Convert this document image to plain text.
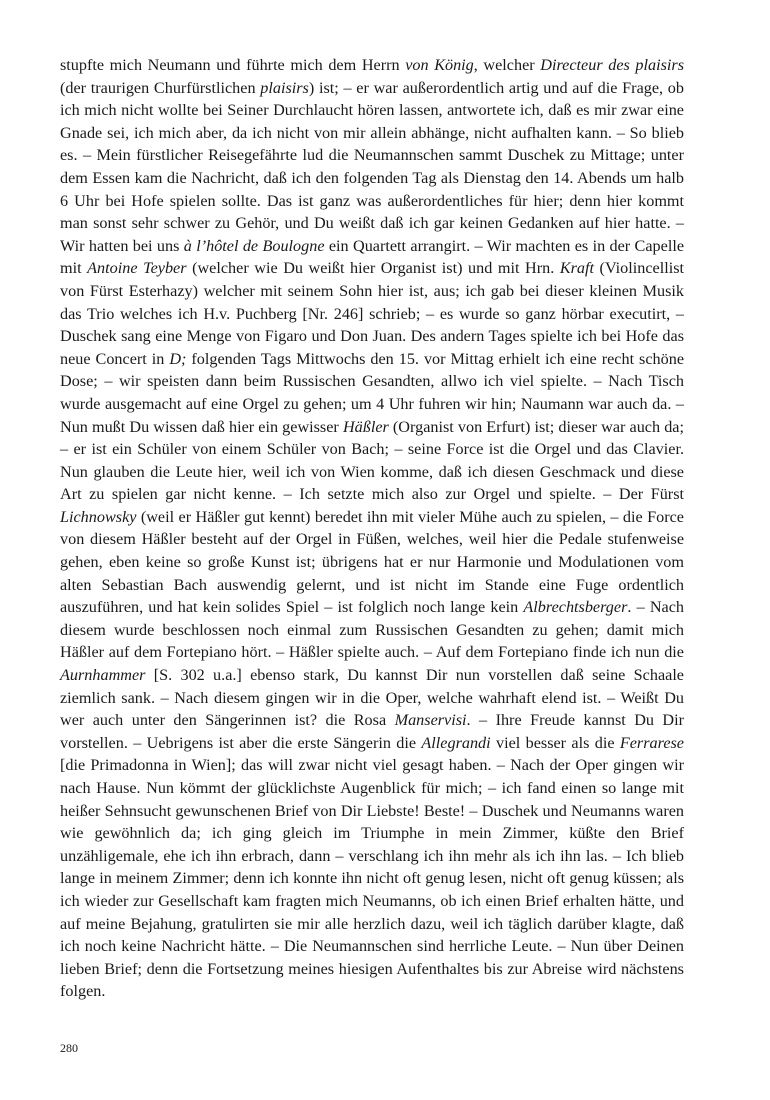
stupfte mich Neumann und führte mich dem Herrn von König, welcher Directeur des plaisirs (der traurigen Churfürstlichen plaisirs) ist; – er war außerordentlich artig und auf die Frage, ob ich mich nicht wollte bei Seiner Durchlaucht hören lassen, antwortete ich, daß es mir zwar eine Gnade sei, ich mich aber, da ich nicht von mir allein abhänge, nicht aufhalten kann. – So blieb es. – Mein fürstlicher Reisegefährte lud die Neumannschen sammt Duschek zu Mittage; unter dem Essen kam die Nachricht, daß ich den folgenden Tag als Dienstag den 14. Abends um halb 6 Uhr bei Hofe spielen sollte. Das ist ganz was außerordentliches für hier; denn hier kommt man sonst sehr schwer zu Gehör, und Du weißt daß ich gar keinen Gedanken auf hier hatte. – Wir hatten bei uns à l’hôtel de Boulogne ein Quartett arrangirt. – Wir machten es in der Capelle mit Antoine Teyber (welcher wie Du weißt hier Organist ist) und mit Hrn. Kraft (Violincellist von Fürst Esterhazy) welcher mit seinem Sohn hier ist, aus; ich gab bei dieser kleinen Musik das Trio welches ich H.v. Puchberg [Nr. 246] schrieb; – es wurde so ganz hörbar executirt, – Duschek sang eine Menge von Figaro und Don Juan. Des andern Tages spielte ich bei Hofe das neue Concert in D; folgenden Tags Mittwochs den 15. vor Mittag erhielt ich eine recht schöne Dose; – wir speisten dann beim Russischen Gesandten, allwo ich viel spielte. – Nach Tisch wurde ausgemacht auf eine Orgel zu gehen; um 4 Uhr fuhren wir hin; Naumann war auch da. – Nun mußt Du wissen daß hier ein gewisser Häßler (Organist von Erfurt) ist; dieser war auch da; – er ist ein Schüler von einem Schüler von Bach; – seine Force ist die Orgel und das Clavier. Nun glauben die Leute hier, weil ich von Wien komme, daß ich diesen Geschmack und diese Art zu spielen gar nicht kenne. – Ich setzte mich also zur Orgel und spielte. – Der Fürst Lichnowsky (weil er Häßler gut kennt) beredet ihn mit vieler Mühe auch zu spielen, – die Force von diesem Häßler besteht auf der Orgel in Füßen, welches, weil hier die Pedale stufenweise gehen, eben keine so große Kunst ist; übrigens hat er nur Harmonie und Modulationen vom alten Sebastian Bach auswendig gelernt, und ist nicht im Stande eine Fuge ordentlich auszuführen, und hat kein solides Spiel – ist folglich noch lange kein Albrechtsberger. – Nach diesem wurde beschlossen noch einmal zum Russischen Gesandten zu gehen; damit mich Häßler auf dem Fortepiano hört. – Häßler spielte auch. – Auf dem Fortepiano finde ich nun die Aurnhammer [S. 302 u.a.] ebenso stark, Du kannst Dir nun vorstellen daß seine Schaale ziemlich sank. – Nach diesem gingen wir in die Oper, welche wahrhaft elend ist. – Weißt Du wer auch unter den Sängerinnen ist? die Rosa Manservisi. – Ihre Freude kannst Du Dir vorstellen. – Uebrigens ist aber die erste Sängerin die Allegrandi viel besser als die Ferrarese [die Primadonna in Wien]; das will zwar nicht viel gesagt haben. – Nach der Oper gingen wir nach Hause. Nun kömmt der glücklichste Augenblick für mich; – ich fand einen so lange mit heißer Sehnsucht gewunschenen Brief von Dir Liebste! Beste! – Duschek und Neumanns waren wie gewöhnlich da; ich ging gleich im Triumphe in mein Zimmer, küßte den Brief unzähligemale, ehe ich ihn erbrach, dann – verschlang ich ihn mehr als ich ihn las. – Ich blieb lange in meinem Zimmer; denn ich konnte ihn nicht oft genug lesen, nicht oft genug küssen; als ich wieder zur Gesellschaft kam fragten mich Neumanns, ob ich einen Brief erhalten hätte, und auf meine Bejahung, gratulirten sie mir alle herzlich dazu, weil ich täglich darüber klagte, daß ich noch keine Nachricht hätte. – Die Neumannschen sind herrliche Leute. – Nun über Deinen lieben Brief; denn die Fortsetzung meines hiesigen Aufenthaltes bis zur Abreise wird nächstens folgen.

280
